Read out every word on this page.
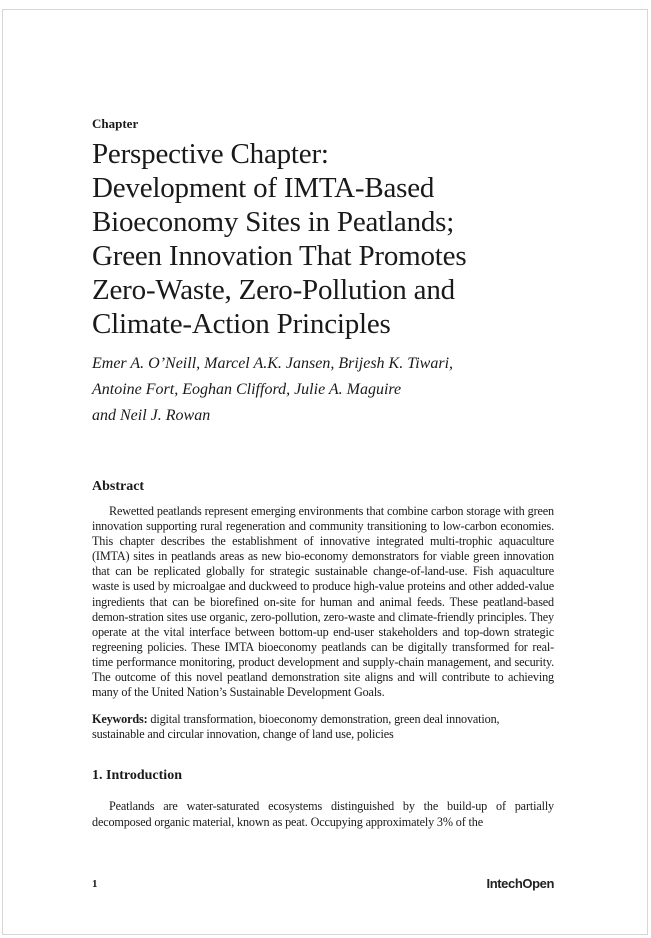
Chapter
Perspective Chapter:
Development of IMTA-Based
Bioeconomy Sites in Peatlands;
Green Innovation That Promotes
Zero-Waste, Zero-Pollution and
Climate-Action Principles

Emer A. O’Neill, Marcel A.K. Jansen, Brijesh K. Tiwari,
Antoine Fort, Eoghan Clifford, Julie A. Maguire
and Neil J. Rowan

Abstract

Rewetted peatlands represent emerging environments that combine carbon storage with green innovation supporting rural regeneration and community transitioning to low-carbon economies. This chapter describes the establishment of innovative integrated multi-trophic aquaculture (IMTA) sites in peatlands areas as new bio-economy demonstrators for viable green innovation that can be replicated globally for strategic sustainable change-of-land-use. Fish aquaculture waste is used by microalgae and duckweed to produce high-value proteins and other added-value ingredients that can be biorefined on-site for human and animal feeds. These peatland-based demon-stration sites use organic, zero-pollution, zero-waste and climate-friendly principles. They operate at the vital interface between bottom-up end-user stakeholders and top-down strategic regreening policies. These IMTA bioeconomy peatlands can be digitally transformed for real-time performance monitoring, product development and supply-chain management, and security. The outcome of this novel peatland demonstration site aligns and will contribute to achieving many of the United Nation’s Sustainable Development Goals.

Keywords: digital transformation, bioeconomy demonstration, green deal innovation, sustainable and circular innovation, change of land use, policies

1. Introduction

Peatlands are water-saturated ecosystems distinguished by the build-up of partially decomposed organic material, known as peat. Occupying approximately 3% of the

1	IntechOpen
